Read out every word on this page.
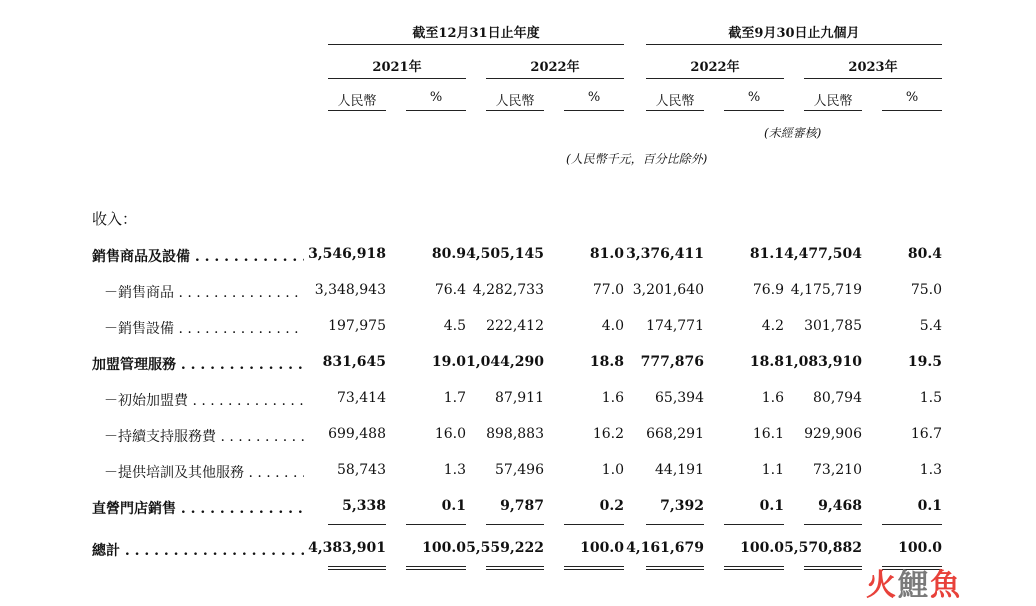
截至12月31日止年度	截至9月30日止九個月
2021年	2022年	2022年	2023年
人民幣	%	人民幣	%	人民幣	%	人民幣	%
(未經審核)
(人民幣千元，百分比除外)
收入：
銷售商品及設備 . . .	3,546,918	80.9 4,505,145	81.0 3,376,411	81.1 4,477,504	80.4
－銷售商品 . . .	3,348,943	76.4 4,282,733	77.0 3,201,640	76.9 4,175,719	75.0
－銷售設備 . . .	197,975	4.5	222,412	4.0	174,771	4.2	301,785	5.4
加盟管理服務 . . .	831,645	19.0 1,044,290	18.8	777,876	18.8 1,083,910	19.5
－初始加盟費 . . .	73,414	1.7	87,911	1.6	65,394	1.6	80,794	1.5
－持續支持服務費 . . .	699,488	16.0	898,883	16.2	668,291	16.1	929,906	16.7
－提供培訓及其他服務 . . .	58,743	1.3	57,496	1.0	44,191	1.1	73,210	1.3
直營門店銷售 . . .	5,338	0.1	9,787	0.2	7,392	0.1	9,468	0.1
總計 . . .	4,383,901	100.0 5,559,222	100.0 4,161,679	100.0 5,570,882	100.0
火鯉魚
